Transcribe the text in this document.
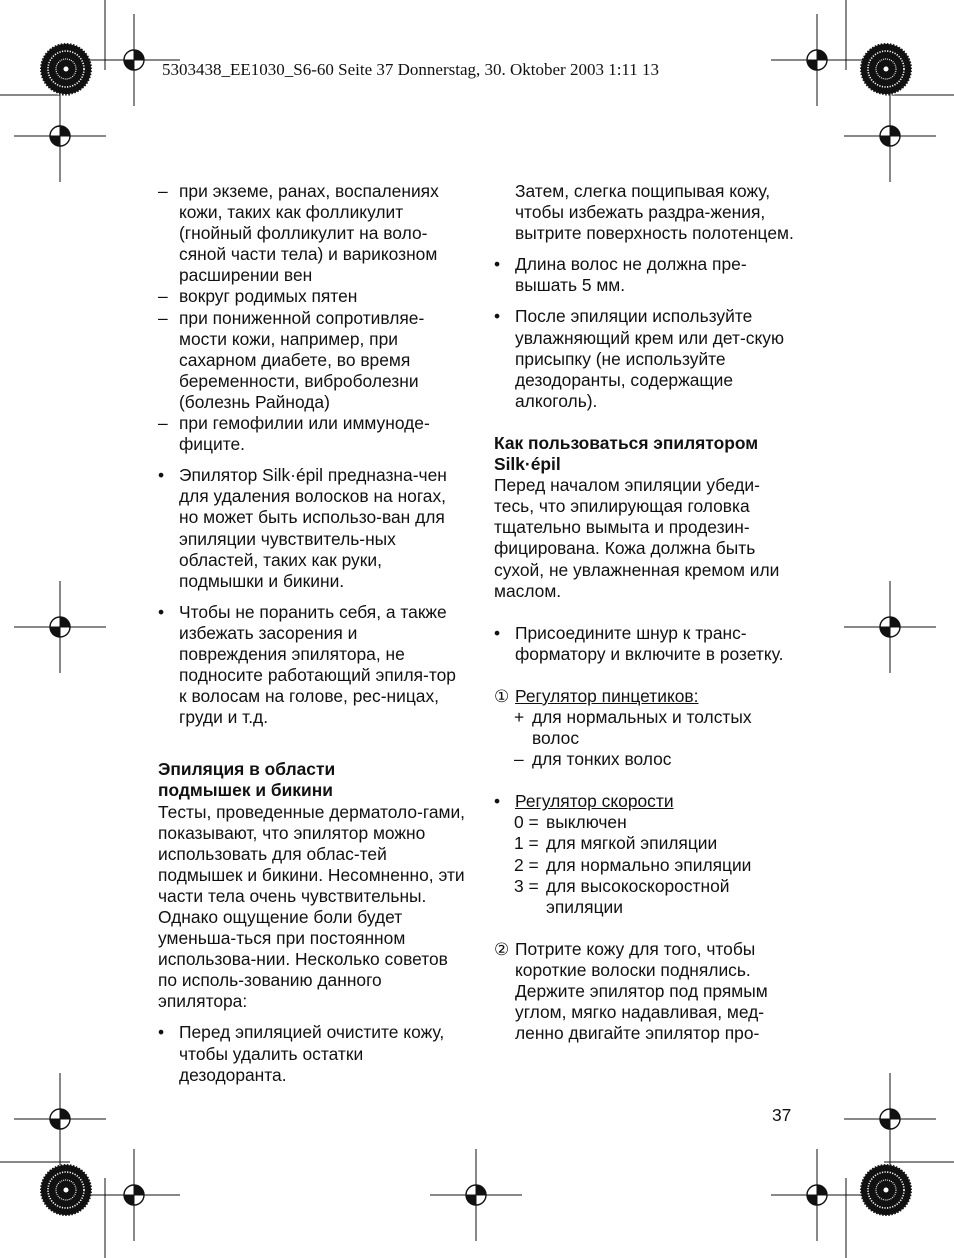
5303438_EE1030_S6-60 Seite 37 Donnerstag, 30. Oktober 2003 1:11 13
– при экземе, ранах, воспалениях кожи, таких как фолликулит (гнойный фолликулит на воло-сяной части тела) и варикозном расширении вен
– вокруг родимых пятен
– при пониженной сопротивляе-мости кожи, например, при сахарном диабете, во время беременности, виброболезни (болезнь Райнода)
– при гемофилии или иммуноде-фиците.
• Эпилятор Silk·épil предназна-чен для удаления волосков на ногах, но может быть использо-ван для эпиляции чувствитель-ных областей, таких как руки, подмышки и бикини.
• Чтобы не поранить себя, а также избежать засорения и повреждения эпилятора, не подносите работающий эпиля-тор к волосам на голове, рес-ницах, груди и т.д.
Эпиляция в области
подмышек и бикини
Тесты, проведенные дерматоло-гами, показывают, что эпилятор можно использовать для облас-тей подмышек и бикини. Несомненно, эти части тела очень чувствительны. Однако ощущение боли будет уменьша-ться при постоянном использова-нии. Несколько советов по исполь-зованию данного эпилятора:
• Перед эпиляцией очистите кожу, чтобы удалить остатки дезодоранта.
Затем, слегка пощипывая кожу, чтобы избежать раздра-жения, вытрите поверхность полотенцем.
• Длина волос не должна пре-вышать 5 мм.
• После эпиляции используйте увлажняющий крем или дет-скую присыпку (не используйте дезодоранты, содержащие алкоголь).
Как пользоваться эпилятором
Silk·épil
Перед началом эпиляции убеди-тесь, что эпилирующая головка тщательно вымыта и продезин-фицирована. Кожа должна быть сухой, не увлажненная кремом или маслом.
• Присоедините шнур к транс-форматору и включите в розетку.
① Регулятор пинцетиков:
+ для нормальных и толстых волос
– для тонких волос
• Регулятор скорости
0 = выключен
1 = для мягкой эпиляции
2 = для нормально эпиляции
3 = для высокоскоростной эпиляции
② Потрите кожу для того, чтобы короткие волоски поднялись. Держите эпилятор под прямым углом, мягко надавливая, мед-ленно двигайте эпилятор про-
37
